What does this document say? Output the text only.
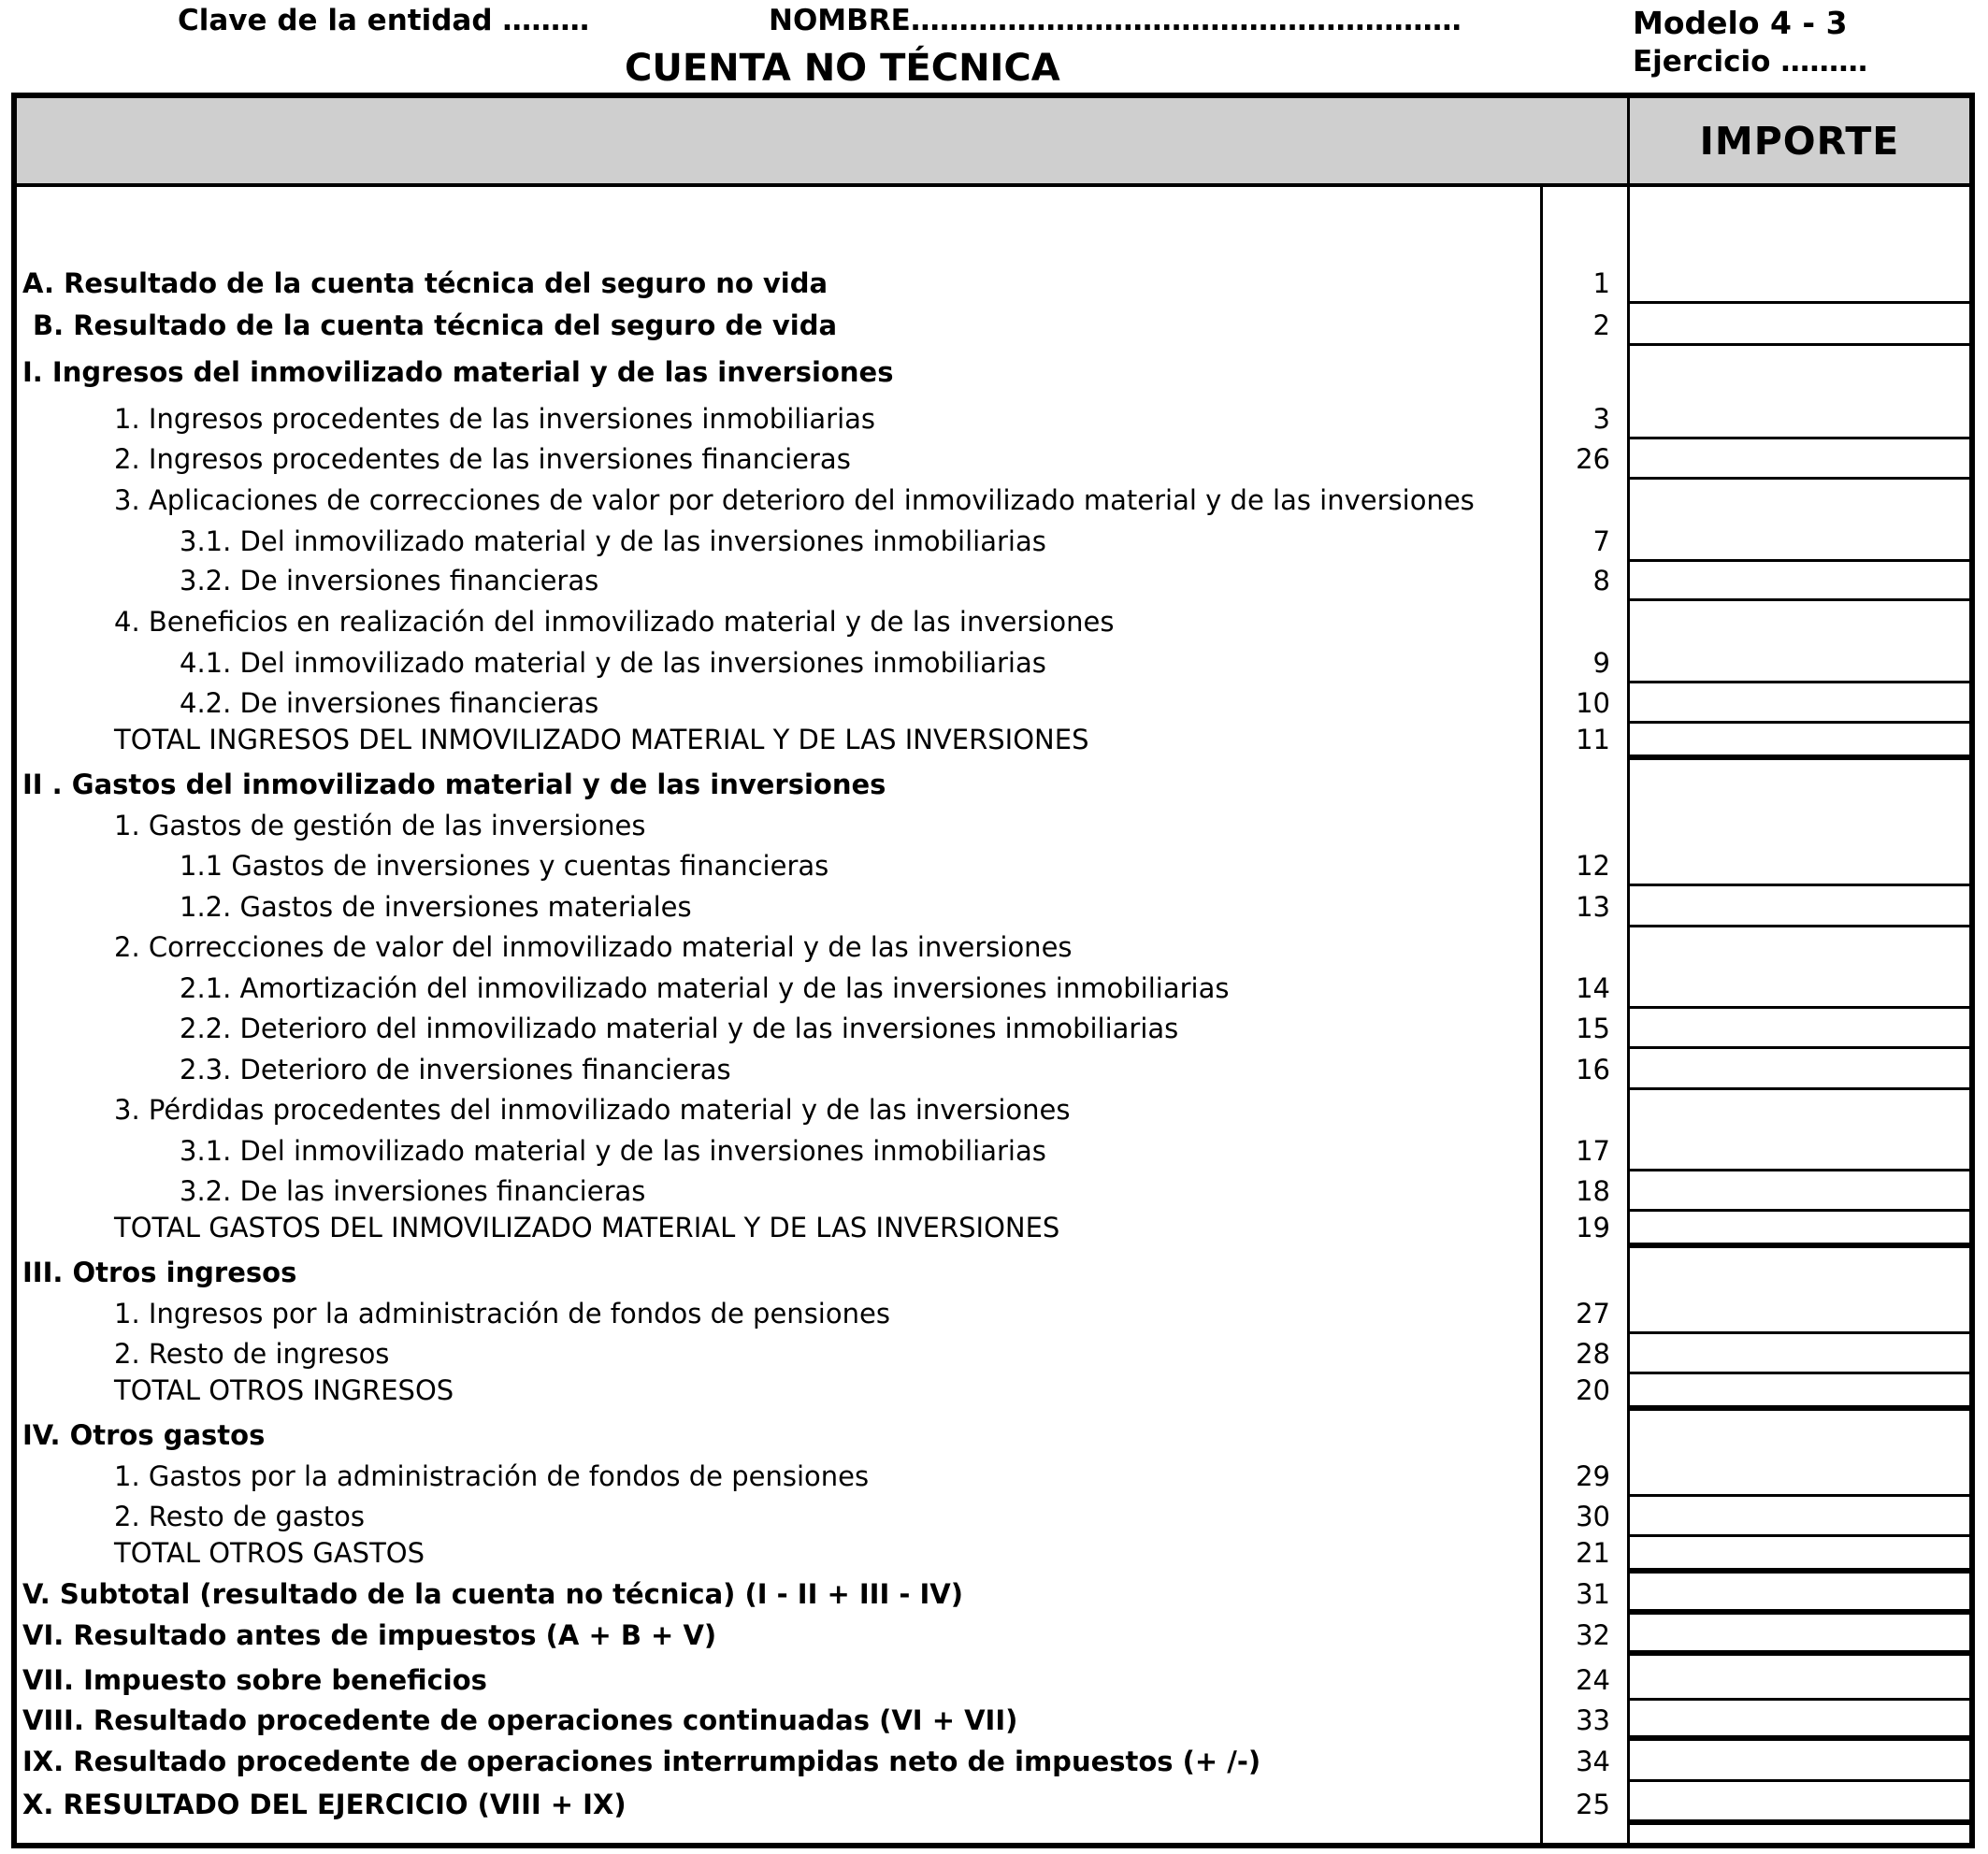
Clave de la entidad ………	NOMBRE…………………………………………………
CUENTA NO TÉCNICA
Modelo 4 - 3
Ejercicio ………
IMPORTE
A. Resultado de la cuenta técnica del seguro no vida	1
B. Resultado de la cuenta técnica del seguro de vida	2
I. Ingresos del inmovilizado material y de las inversiones
1. Ingresos procedentes de las inversiones inmobiliarias	3
2. Ingresos procedentes de las inversiones financieras	26
3. Aplicaciones de correcciones de valor por deterioro del inmovilizado material y de las inversiones
3.1. Del inmovilizado material y de las inversiones inmobiliarias	7
3.2. De inversiones financieras	8
4. Beneficios en realización del inmovilizado material y de las inversiones
4.1. Del inmovilizado material y de las inversiones inmobiliarias	9
4.2. De inversiones financieras	10
TOTAL INGRESOS DEL INMOVILIZADO MATERIAL Y DE LAS INVERSIONES	11
II . Gastos del inmovilizado material y de las inversiones
1. Gastos de gestión de las inversiones
1.1 Gastos de inversiones y cuentas financieras	12
1.2. Gastos de inversiones materiales	13
2. Correcciones de valor del inmovilizado material y de las inversiones
2.1. Amortización del inmovilizado material y de las inversiones inmobiliarias	14
2.2. Deterioro del inmovilizado material y de las inversiones inmobiliarias	15
2.3. Deterioro de inversiones financieras	16
3. Pérdidas procedentes del inmovilizado material y de las inversiones
3.1. Del inmovilizado material y de las inversiones inmobiliarias	17
3.2. De las inversiones financieras	18
TOTAL GASTOS DEL INMOVILIZADO MATERIAL Y DE LAS INVERSIONES	19
III. Otros ingresos
1. Ingresos por la administración de fondos de pensiones	27
2. Resto de ingresos	28
TOTAL OTROS INGRESOS	20
IV. Otros gastos
1. Gastos por la administración de fondos de pensiones	29
2. Resto de gastos	30
TOTAL OTROS GASTOS	21
V. Subtotal (resultado de la cuenta no técnica) (I - II + III - IV)	31
VI. Resultado antes de impuestos (A + B + V)	32
VII. Impuesto sobre beneficios	24
VIII. Resultado procedente de operaciones continuadas (VI + VII)	33
IX. Resultado procedente de operaciones interrumpidas neto de impuestos (+ /-)	34
X. RESULTADO DEL EJERCICIO (VIII + IX)	25
